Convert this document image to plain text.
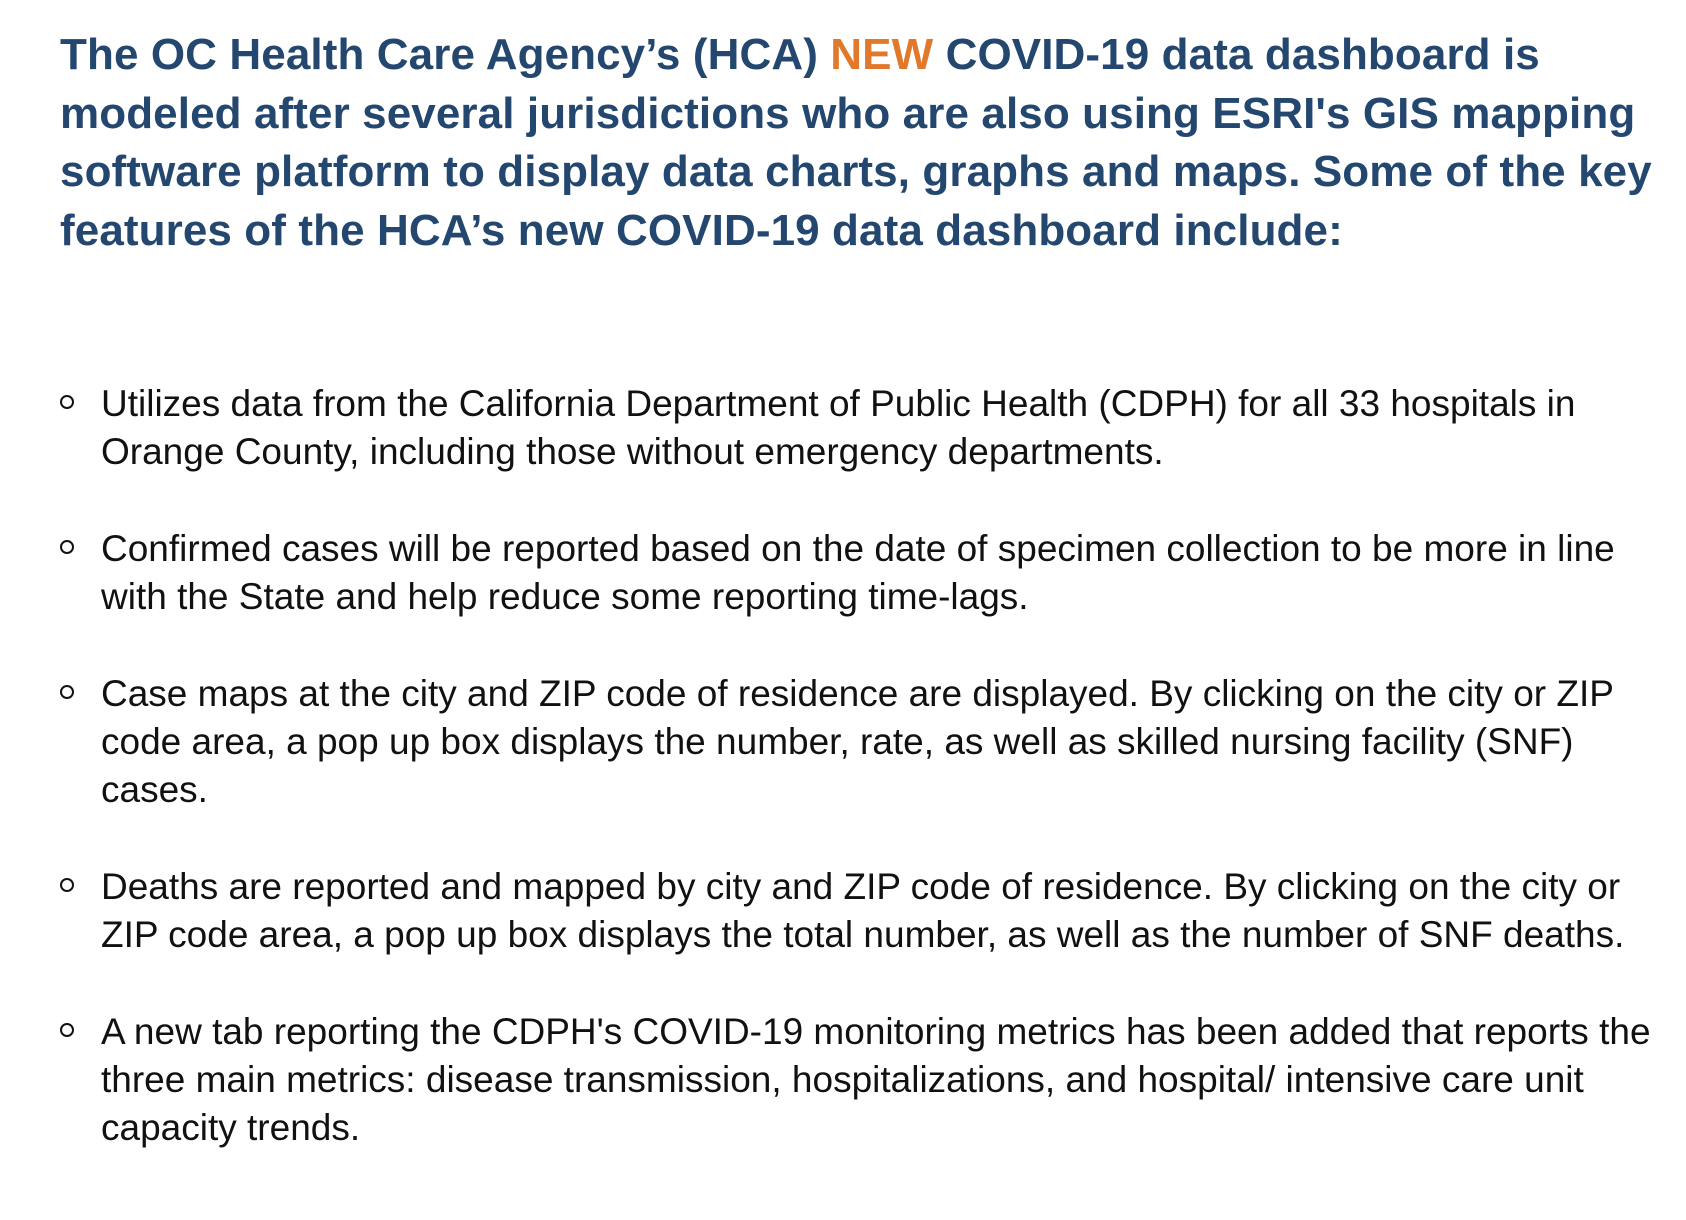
The OC Health Care Agency’s (HCA) NEW COVID-19 data dashboard is modeled after several jurisdictions who are also using ESRI's GIS mapping software platform to display data charts, graphs and maps. Some of the key features of the HCA’s new COVID-19 data dashboard include:
Utilizes data from the California Department of Public Health (CDPH) for all 33 hospitals in Orange County, including those without emergency departments.
Confirmed cases will be reported based on the date of specimen collection to be more in line with the State and help reduce some reporting time-lags.
Case maps at the city and ZIP code of residence are displayed. By clicking on the city or ZIP code area, a pop up box displays the number, rate, as well as skilled nursing facility (SNF) cases.
Deaths are reported and mapped by city and ZIP code of residence. By clicking on the city or ZIP code area, a pop up box displays the total number, as well as the number of SNF deaths.
A new tab reporting the CDPH's COVID-19 monitoring metrics has been added that reports the three main metrics: disease transmission, hospitalizations, and hospital/ intensive care unit capacity trends.
